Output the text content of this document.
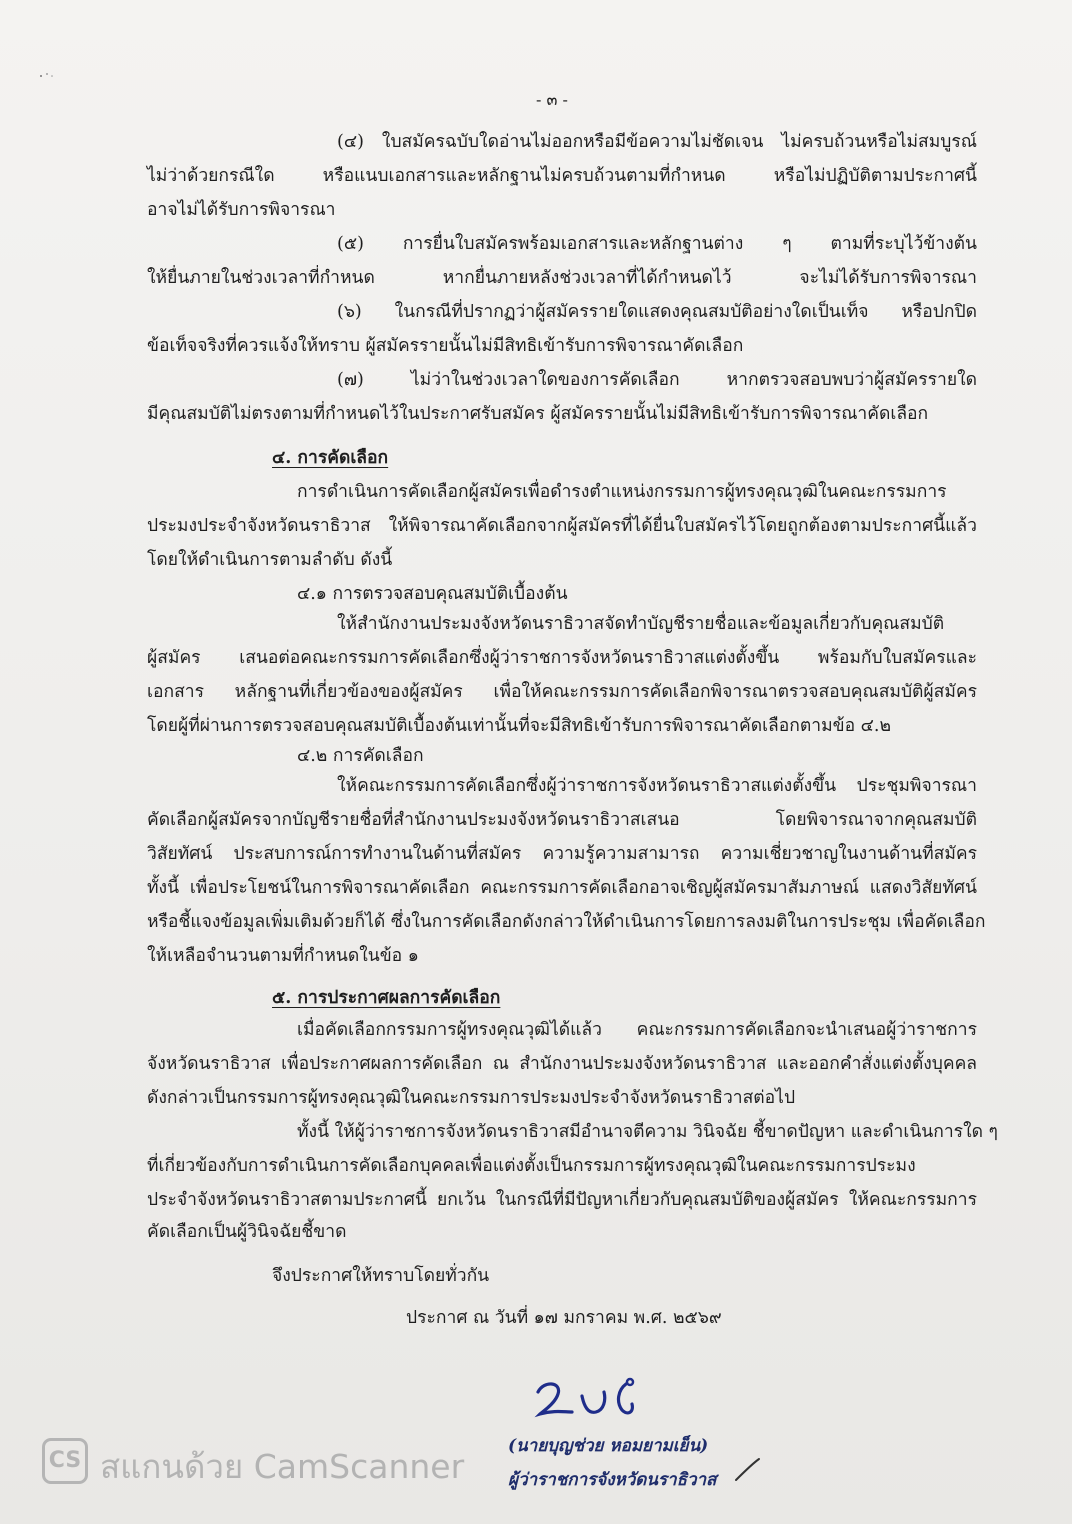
- ๓ -
(๔) ใบสมัครฉบับใดอ่านไม่ออกหรือมีข้อความไม่ชัดเจน ไม่ครบถ้วนหรือไม่สมบูรณ์
ไม่ว่าด้วยกรณีใด หรือแนบเอกสารและหลักฐานไม่ครบถ้วนตามที่กำหนด หรือไม่ปฏิบัติตามประกาศนี้
อาจไม่ได้รับการพิจารณา
(๕) การยื่นใบสมัครพร้อมเอกสารและหลักฐานต่าง ๆ ตามที่ระบุไว้ข้างต้น
ให้ยื่นภายในช่วงเวลาที่กำหนด หากยื่นภายหลังช่วงเวลาที่ได้กำหนดไว้ จะไม่ได้รับการพิจารณา
(๖) ในกรณีที่ปรากฏว่าผู้สมัครรายใดแสดงคุณสมบัติอย่างใดเป็นเท็จ หรือปกปิด
ข้อเท็จจริงที่ควรแจ้งให้ทราบ ผู้สมัครรายนั้นไม่มีสิทธิเข้ารับการพิจารณาคัดเลือก
(๗) ไม่ว่าในช่วงเวลาใดของการคัดเลือก หากตรวจสอบพบว่าผู้สมัครรายใด
มีคุณสมบัติไม่ตรงตามที่กำหนดไว้ในประกาศรับสมัคร ผู้สมัครรายนั้นไม่มีสิทธิเข้ารับการพิจารณาคัดเลือก
๔. การคัดเลือก
การดำเนินการคัดเลือกผู้สมัครเพื่อดำรงตำแหน่งกรรมการผู้ทรงคุณวุฒิในคณะกรรมการ
ประมงประจำจังหวัดนราธิวาส ให้พิจารณาคัดเลือกจากผู้สมัครที่ได้ยื่นใบสมัครไว้โดยถูกต้องตามประกาศนี้แล้ว
โดยให้ดำเนินการตามลำดับ ดังนี้
๔.๑ การตรวจสอบคุณสมบัติเบื้องต้น
ให้สำนักงานประมงจังหวัดนราธิวาสจัดทำบัญชีรายชื่อและข้อมูลเกี่ยวกับคุณสมบัติ
ผู้สมัคร เสนอต่อคณะกรรมการคัดเลือกซึ่งผู้ว่าราชการจังหวัดนราธิวาสแต่งตั้งขึ้น พร้อมกับใบสมัครและ
เอกสาร หลักฐานที่เกี่ยวข้องของผู้สมัคร เพื่อให้คณะกรรมการคัดเลือกพิจารณาตรวจสอบคุณสมบัติผู้สมัคร
โดยผู้ที่ผ่านการตรวจสอบคุณสมบัติเบื้องต้นเท่านั้นที่จะมีสิทธิเข้ารับการพิจารณาคัดเลือกตามข้อ ๔.๒
๔.๒ การคัดเลือก
ให้คณะกรรมการคัดเลือกซึ่งผู้ว่าราชการจังหวัดนราธิวาสแต่งตั้งขึ้น ประชุมพิจารณา
คัดเลือกผู้สมัครจากบัญชีรายชื่อที่สำนักงานประมงจังหวัดนราธิวาสเสนอ โดยพิจารณาจากคุณสมบัติ
วิสัยทัศน์ ประสบการณ์การทำงานในด้านที่สมัคร ความรู้ความสามารถ ความเชี่ยวชาญในงานด้านที่สมัคร
ทั้งนี้ เพื่อประโยชน์ในการพิจารณาคัดเลือก คณะกรรมการคัดเลือกอาจเชิญผู้สมัครมาสัมภาษณ์ แสดงวิสัยทัศน์
หรือชี้แจงข้อมูลเพิ่มเติมด้วยก็ได้ ซึ่งในการคัดเลือกดังกล่าวให้ดำเนินการโดยการลงมติในการประชุม เพื่อคัดเลือก
ให้เหลือจำนวนตามที่กำหนดในข้อ ๑
๕. การประกาศผลการคัดเลือก
เมื่อคัดเลือกกรรมการผู้ทรงคุณวุฒิได้แล้ว คณะกรรมการคัดเลือกจะนำเสนอผู้ว่าราชการ
จังหวัดนราธิวาส เพื่อประกาศผลการคัดเลือก ณ สำนักงานประมงจังหวัดนราธิวาส และออกคำสั่งแต่งตั้งบุคคล
ดังกล่าวเป็นกรรมการผู้ทรงคุณวุฒิในคณะกรรมการประมงประจำจังหวัดนราธิวาสต่อไป
ทั้งนี้ ให้ผู้ว่าราชการจังหวัดนราธิวาสมีอำนาจตีความ วินิจฉัย ชี้ขาดปัญหา และดำเนินการใด ๆ
ที่เกี่ยวข้องกับการดำเนินการคัดเลือกบุคคลเพื่อแต่งตั้งเป็นกรรมการผู้ทรงคุณวุฒิในคณะกรรมการประมง
ประจำจังหวัดนราธิวาสตามประกาศนี้ ยกเว้น ในกรณีที่มีปัญหาเกี่ยวกับคุณสมบัติของผู้สมัคร ให้คณะกรรมการ
คัดเลือกเป็นผู้วินิจฉัยชี้ขาด
จึงประกาศให้ทราบโดยทั่วกัน
ประกาศ ณ วันที่ ๑๗ มกราคม พ.ศ. ๒๕๖๙
(นายบุญช่วย หอมยามเย็น)
ผู้ว่าราชการจังหวัดนราธิวาส
CS สแกนด้วย CamScanner
